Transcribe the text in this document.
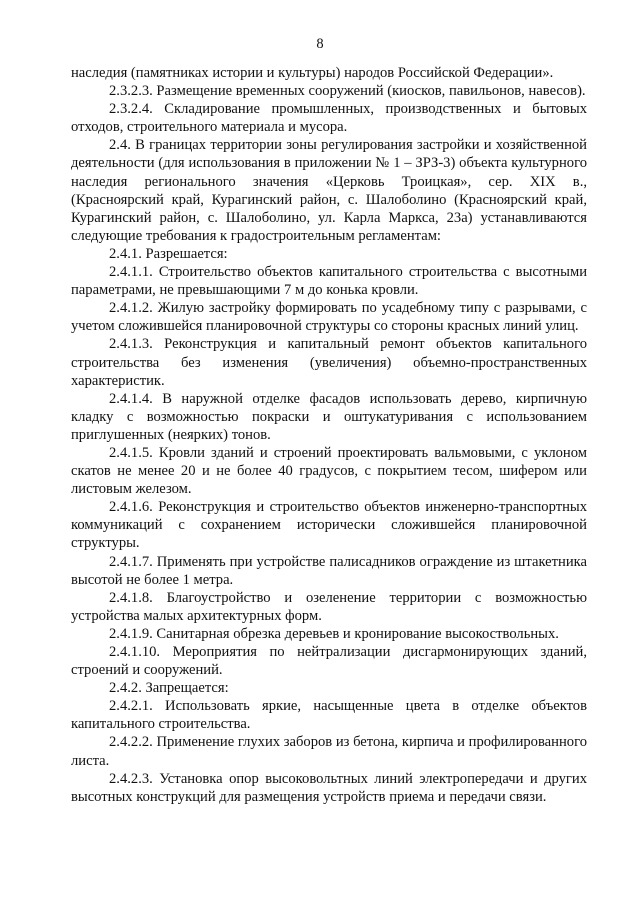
8

наследия (памятниках истории и культуры) народов Российской Федерации».

2.3.2.3. Размещение временных сооружений (киосков, павильонов, навесов).

2.3.2.4. Складирование промышленных, производственных и бытовых отходов, строительного материала и мусора.

2.4. В границах территории зоны регулирования застройки и хозяйственной деятельности (для использования в приложении № 1 – ЗРЗ-3) объекта культурного наследия регионального значения «Церковь Троицкая», сер. XIX в., (Красноярский край, Курагинский район, с. Шалоболино (Красноярский край, Курагинский район, с. Шалоболино, ул. Карла Маркса, 23а) устанавливаются следующие требования к градостроительным регламентам:

2.4.1. Разрешается:

2.4.1.1. Строительство объектов капитального строительства с высотными параметрами, не превышающими 7 м до конька кровли.

2.4.1.2. Жилую застройку формировать по усадебному типу с разрывами, с учетом сложившейся планировочной структуры со стороны красных линий улиц.

2.4.1.3. Реконструкция и капитальный ремонт объектов капитального строительства без изменения (увеличения) объемно-пространственных характеристик.

2.4.1.4. В наружной отделке фасадов использовать дерево, кирпичную кладку с возможностью покраски и оштукатуривания с использованием приглушенных (неярких) тонов.

2.4.1.5. Кровли зданий и строений проектировать вальмовыми, с уклоном скатов не менее 20 и не более 40 градусов, с покрытием тесом, шифером или листовым железом.

2.4.1.6. Реконструкция и строительство объектов инженерно-транспортных коммуникаций с сохранением исторически сложившейся планировочной структуры.

2.4.1.7. Применять при устройстве палисадников ограждение из штакетника высотой не более 1 метра.

2.4.1.8. Благоустройство и озеленение территории с возможностью устройства малых архитектурных форм.

2.4.1.9. Санитарная обрезка деревьев и кронирование высокоствольных.

2.4.1.10. Мероприятия по нейтрализации дисгармонирующих зданий, строений и сооружений.

2.4.2. Запрещается:

2.4.2.1. Использовать яркие, насыщенные цвета в отделке объектов капитального строительства.

2.4.2.2. Применение глухих заборов из бетона, кирпича и профилированного листа.

2.4.2.3. Установка опор высоковольтных линий электропередачи и других высотных конструкций для размещения устройств приема и передачи связи.
